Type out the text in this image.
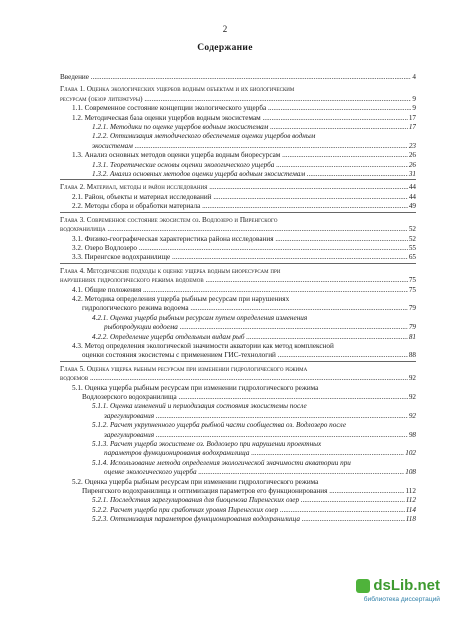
2
Содержание
Введение .....	4
Глава 1. Оценка экологических ущербов водным объектам и их биологическим
ресурсам (обзор литературы) .....	9
1.1. Современное состояние концепции экологического ущерба .....	9
1.2. Методическая база оценки ущербов водным экосистемам .....	17
1.2.1. Методики по оценке ущербов водным экосистемам .....	17
1.2.2. Оптимизация методического обеспечения оценки ущербов водным
экосистемам .....	23
1.3. Анализ основных методов оценки ущерба водным биоресурсам .....	26
1.3.1. Теоретические основы оценки экологического ущерба .....	26
1.3.2. Анализ основных методов оценки ущерба водным экосистемам .....	31
Глава 2. Материал, методы и район исследования .....	44
2.1. Район, объекты и материал исследований .....	44
2.2. Методы сбора и обработки материала .....	49
Глава 3. Современное состояние экосистем оз. Водлозеро и Пиренгского
водохранилища .....	52
3.1. Физико-географическая характеристика района исследования .....	52
3.2. Озеро Водлозеро .....	55
3.3. Пиренгское водохранилище .....	65
Глава 4. Методические подходы к оценке ущерба водным биоресурсам при
нарушениях гидрологического режима водоемов .....	75
4.1. Общие положения .....	75
4.2. Методика определения ущерба рыбным ресурсам при нарушениях
гидрологического режима водоема .....	79
4.2.1. Оценка ущерба рыбным ресурсам путем определения изменения
рыбопродукции водоема .....	79
4.2.2. Определение ущерба отдельным видам рыб .....	81
4.3. Метод определения экологической значимости акватории как метод комплексной
оценки состояния экосистемы с применением ГИС-технологий .....	88
Глава 5. Оценка ущерба рыбным ресурсам при изменении гидрологического режима
водоемов .....	92
5.1. Оценка ущерба рыбным ресурсам при изменении гидрологического режима
Водлозерского водохранилища .....	92
5.1.1. Оценка изменений и периодизация состояния экосистемы после
зарегулирования .....	92
5.1.2. Расчет укрупненного ущерба рыбной части сообщества оз. Водлозеро после
зарегулирования .....	98
5.1.3. Расчет ущерба экосистеме оз. Водлозеро при нарушении проектных
параметров функционирования водохранилища .....	102
5.1.4. Использование метода определения экологической значимости акватории при
оценке экологического ущерба .....	108
5.2. Оценка ущерба рыбным ресурсам при изменении гидрологического режима
Пиренгского водохранилища и оптимизация параметров его функционирования .....	112
5.2.1. Последствия зарегулирования для биоценоза Пиренгских озер .....	112
5.2.2. Расчет ущерба при сработках уровня Пиренгских озер .....	114
5.2.3. Оптимизация параметров функционирования водохранилища .....	118
dsLib.net
библиотека диссертаций
